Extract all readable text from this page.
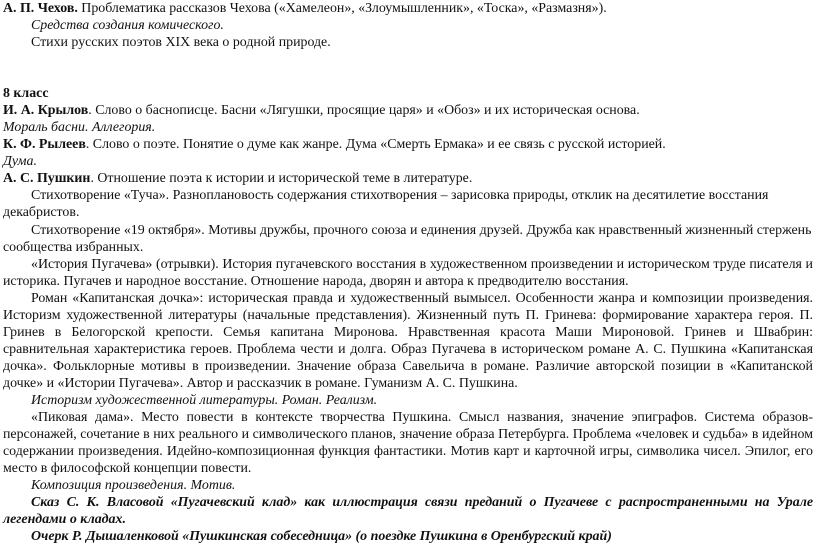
А. П. Чехов. Проблематика рассказов Чехова («Хамелеон», «Злоумышленник», «Тоска», «Размазня»).

Средства создания комического.

Стихи русских поэтов XIX века о родной природе.

8 класс

И. А. Крылов. Слово о баснописце. Басни «Лягушки, просящие царя» и «Обоз» и их историческая основа.

Мораль басни. Аллегория.

К. Ф. Рылеев. Слово о поэте. Понятие о думе как жанре. Дума «Смерть Ермака» и ее связь с русской историей.

Дума.

А. С. Пушкин. Отношение поэта к истории и исторической теме в литературе.

Стихотворение «Туча». Разноплановость содержания стихотворения – зарисовка природы, отклик на десятилетие восстания декабристов.

Стихотворение «19 октября». Мотивы дружбы, прочного союза и единения друзей. Дружба как нравственный жизненный стержень сообщества избранных.

«История Пугачева» (отрывки). История пугачевского восстания в художественном произведении и историческом труде писателя и историка. Пугачев и народное восстание. Отношение народа, дворян и автора к предводителю восстания.

Роман «Капитанская дочка»: историческая правда и художественный вымысел. Особенности жанра и композиции произведения. Историзм художественной литературы (начальные представления). Жизненный путь П. Гринева: формирование характера героя. П. Гринев в Белогорской крепости. Семья капитана Миронова. Нравственная красота Маши Мироновой. Гринев и Швабрин: сравнительная характеристика героев. Проблема чести и долга. Образ Пугачева в историческом романе А. С. Пушкина «Капитанская дочка». Фольклорные мотивы в произведении. Значение образа Савельича в романе. Различие авторской позиции в «Капитанской дочке» и «Истории Пугачева». Автор и рассказчик в романе. Гуманизм А. С. Пушкина.

Историзм художественной литературы. Роман. Реализм.

«Пиковая дама». Место повести в контексте творчества Пушкина. Смысл названия, значение эпиграфов. Система образов-персонажей, сочетание в них реального и символического планов, значение образа Петербурга. Проблема «человек и судьба» в идейном содержании произведения. Идейно-композиционная функция фантастики. Мотив карт и карточной игры, символика чисел. Эпилог, его место в философской концепции повести.

Композиция произведения. Мотив.

Сказ С. К. Власовой «Пугачевский клад» как иллюстрация связи преданий о Пугачеве с распространенными на Урале легендами о кладах.

Очерк Р. Дышаленковой «Пушкинская собеседница» (о поездке Пушкина в Оренбургский край)
